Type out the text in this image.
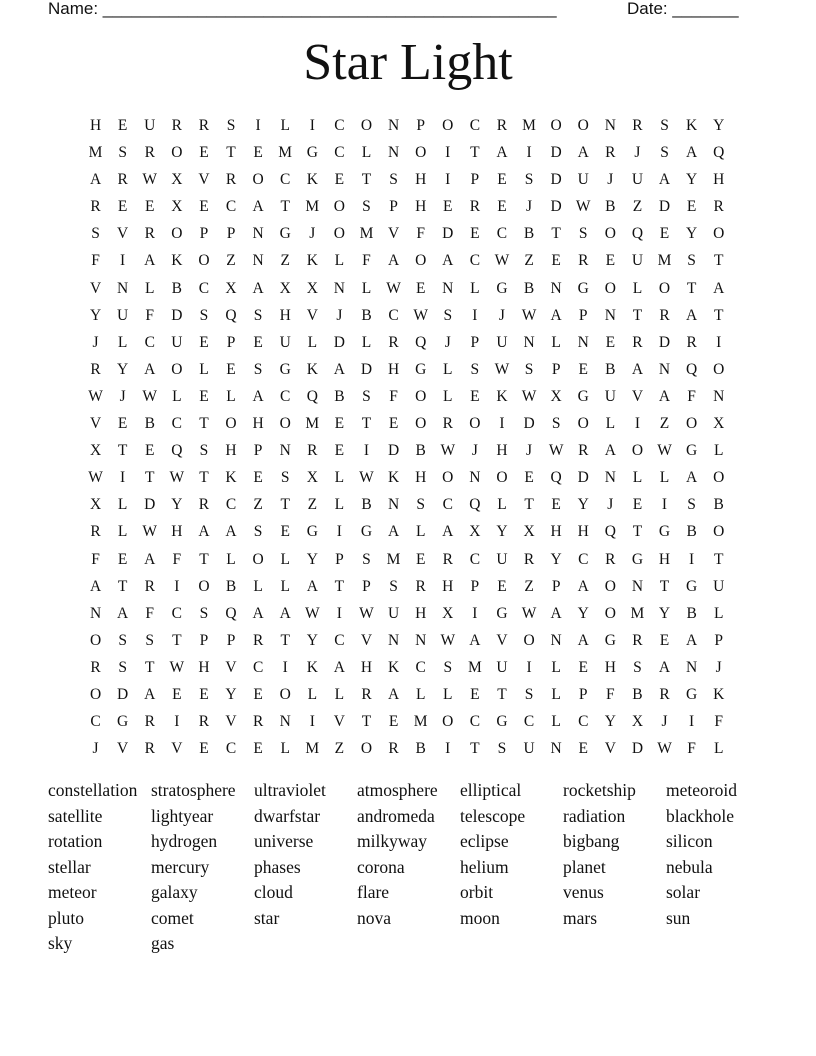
Name: ________________________________________________	Date: _______
Star Light
H	E	U	R	R	S	I	L	I	C	O	N	P	O	C	R M O	O	N	R	S	K	Y
M	S	R	O	E	T	E M G	C	L	N	O	I	T	A	I	D	A	R	J	S	A	Q
A	R W X	V	R	O	C	K	E	T	S	H	I	P	E	S	D	U	J	U	A	Y	H
R	E	E	X	E	C	A	T M O	S	P	H	E	R	E	J	D W B	Z	D	E	R
S	V	R	O	P	P	N	G	J	O M V	F	D	E	C	B	T	S	O	Q	E	Y	O
F	I	A	K	O	Z	N	Z	K	L	F	A	O	A	C W Z	E	R	E	U M	S	T
V	N	L	B	C	X	A	X	X	N	L W E	N	L	G	B	N	G	O	L	O	T	A
Y	U	F	D	S	Q	S	H	V	J	B	C W S	I	J	W A	P	N	T	R	A	T
J	L	C	U	E	P	E	U	L	D	L	R	Q	J	P	U	N	L	N	E	R	D	R	I
R	Y	A	O	L	E	S	G	K	A	D	H	G	L	S W S	P	E	B	A	N	Q	O
W	J	W L	E	L	A	C	Q	B	S	F	O	L	E	K W X	G	U	V	A	F	N
V	E	B	C	T	O	H	O M E	T	E	O	R	O	I	D	S	O	L	I	Z	O	X
X	T	E	Q	S	H	P	N	R	E	I	D	B W	J	H	J	W R	A	O W G	L
W	I	T W T	K	E	S	X	L W K	H	O	N	O	E	Q	D	N	L	L	A	O
X	L	D	Y	R	C	Z	T	Z	L	B	N	S	C	Q	L	T	E	Y	J	E	I	S	B
R	L W H	A	A	S	E	G	I	G	A	L	A	X	Y	X	H	H	Q	T	G	B	O
F	E	A	F	T	L	O	L	Y	P	S	M E	R	C	U	R	Y	C	R	G	H	I	T
A	T	R	I	O	B	L	L	A	T	P	S	R	H	P	E	Z	P	A	O	N	T	G	U
N	A	F	C	S	Q	A	A W	I	W U	H	X	I	G W A	Y	O M Y	B	L
O	S	S	T	P	P	R	T	Y	C	V	N	N W A	V	O	N	A	G	R	E	A	P
R	S	T W H	V	C	I	K	A	H	K	C	S	M U	I	L	E	H	S	A	N	J
O	D	A	E	E	Y	E	O	L	L	R	A	L	L	E	T	S	L	P	F	B	R	G	K
C	G	R	I	R	V	R	N	I	V	T	E M O	C	G	C	L	C	Y	X	J	I	F
J	V	R	V	E	C	E	L M Z	O	R	B	I	T	S	U	N	E	V	D W F	L
constellation stratosphere	ultraviolet	atmosphere	elliptical	rocketship	meteoroid
satellite	lightyear	dwarfstar	andromeda	telescope	radiation	blackhole
rotation	hydrogen	universe	milkyway	eclipse	bigbang	silicon
stellar	mercury	phases	corona	helium	planet	nebula
meteor	galaxy	cloud	flare	orbit	venus	solar
pluto	comet	star	nova	moon	mars	sun
sky	gas
